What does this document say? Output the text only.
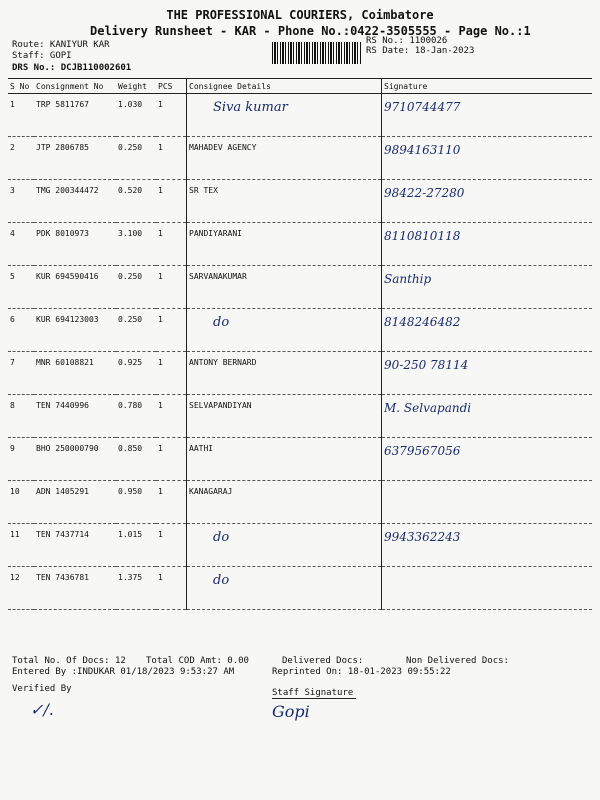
THE PROFESSIONAL COURIERS, Coimbatore
Delivery Runsheet - KAR - Phone No.:0422-3505555 - Page No.:1
Route: KANIYUR KAR
Staff: GOPI
DRS No.: DCJB110002601
RS No.: 1100026
RS Date: 18-Jan-2023
S No	Consignment No	Weight	PCS	Consignee Details	Signature
1	TRP 5811767	1.030	1	Siva kumar	9710744477
2	JTP 2806785	0.250	1	MAHADEV AGENCY	9894163110
3	TMG 200344472	0.520	1	SR TEX	98422-27280
4	PDK 8010973	3.100	1	PANDIYARANI	8110810118
5	KUR 694590416	0.250	1	SARVANAKUMAR	Santhip
6	KUR 694123003	0.250	1	do	8148246482
7	MNR 60108821	0.925	1	ANTONY BERNARD	90-250 78114
8	TEN 7440996	0.780	1	SELVAPANDIYAN	M. Selvapandi
9	BHO 250000790	0.850	1	AATHI	6379567056
10	ADN 1405291	0.950	1	KANAGARAJ	

11	TEN 7437714	1.015	1	do	9943362243
12	TEN 7436781	1.375	1	do	

Total No. Of Docs: 12 Total COD Amt: 0.00	Delivered Docs:	Non Delivered Docs:
Entered By :INDUKAR 01/18/2023 9:53:27 AM	Reprinted On: 18-01-2023 09:55:22
Verified By	Staff Signature
✓/.	Gopi
